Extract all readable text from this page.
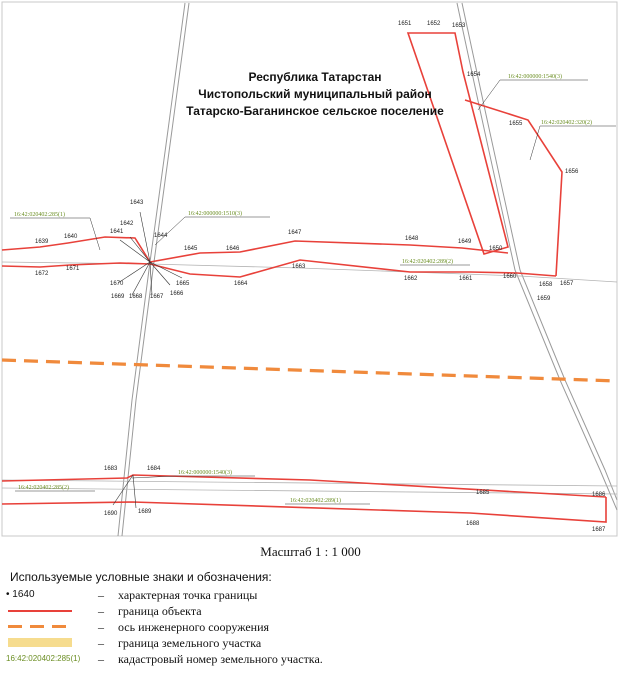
Республика Татарстан
Чистопольский муниципальный район
Татарско-Баганинское сельское поселение
1651	1652 1653
1654
1655
1656
1643
1642
1641
1640
1639
1644
1645	1646
1647
1648	1649
1650
1672
1671
1670
1669 1668 1667 1666
1665	1664
1663
1662	1661	1660
1659
1658 1657
1683	1684
1690	1689
1685	1686
1688
1687
16:42:000000:1540(3)
16:42:020402:320(2)
16:42:020402:285(1)	16:42:000000:1510(3)
16:42:020402:289(2)
16:42:000000:1540(3)
16:42:020402:285(2)
16:42:020402:289(1)
Масштаб 1 : 1 000
Используемые условные знаки и обозначения:
• 1640	– характерная точка границы
– граница объекта
– ось инженерного сооружения
– граница земельного участка
16:42:020402:285(1) – кадастровый номер земельного участка.
